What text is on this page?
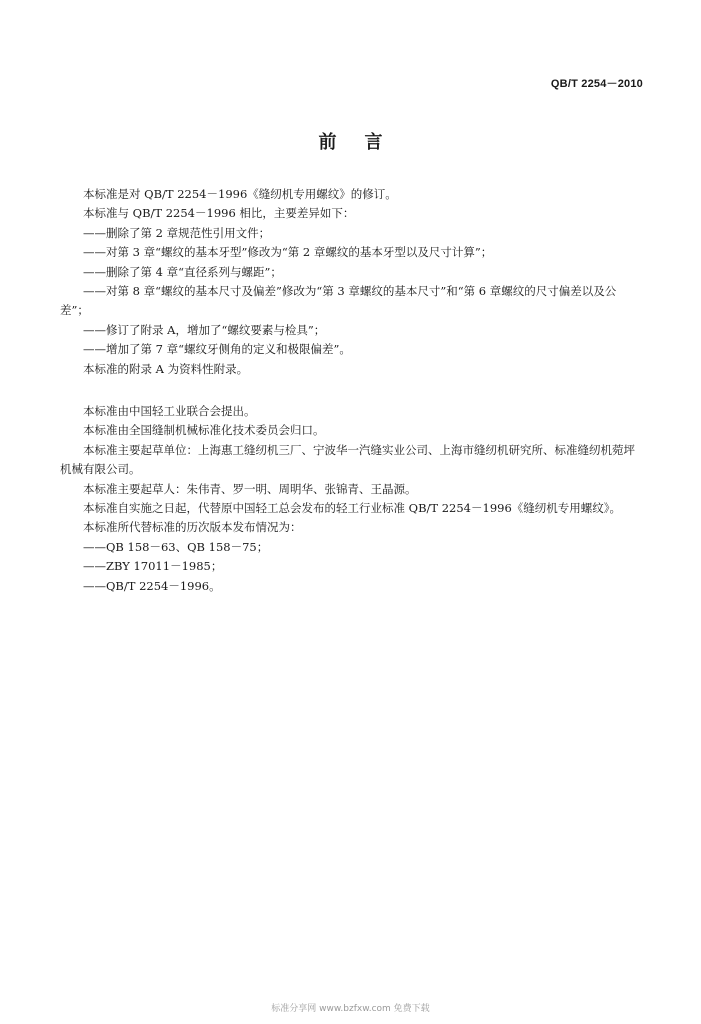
QB/T 2254－2010
前言

本标准是对 QB/T 2254－1996《缝纫机专用螺纹》的修订。

本标准与 QB/T 2254－1996 相比，主要差异如下：

——删除了第 2 章规范性引用文件；

——对第 3 章“螺纹的基本牙型”修改为“第 2 章螺纹的基本牙型以及尺寸计算”；

——删除了第 4 章“直径系列与螺距”；

——对第 8 章“螺纹的基本尺寸及偏差”修改为“第 3 章螺纹的基本尺寸”和“第 6 章螺纹的尺寸偏差以及公差”；

——修订了附录 A，增加了“螺纹要素与检具”；

——增加了第 7 章“螺纹牙侧角的定义和极限偏差”。

本标准的附录 A 为资料性附录。

本标准由中国轻工业联合会提出。

本标准由全国缝制机械标准化技术委员会归口。

本标准主要起草单位：上海惠工缝纫机三厂、宁波华一汽缝实业公司、上海市缝纫机研究所、标准缝纫机菀坪机械有限公司。

本标准主要起草人：朱伟青、罗一明、周明华、张锦青、王晶源。

本标准自实施之日起，代替原中国轻工总会发布的轻工行业标准 QB/T 2254－1996《缝纫机专用螺纹》。

本标准所代替标准的历次版本发布情况为：

——QB 158－63、QB 158－75；

——ZBY 17011－1985；

——QB/T 2254－1996。

标准分享网 www.bzfxw.com 免费下载
